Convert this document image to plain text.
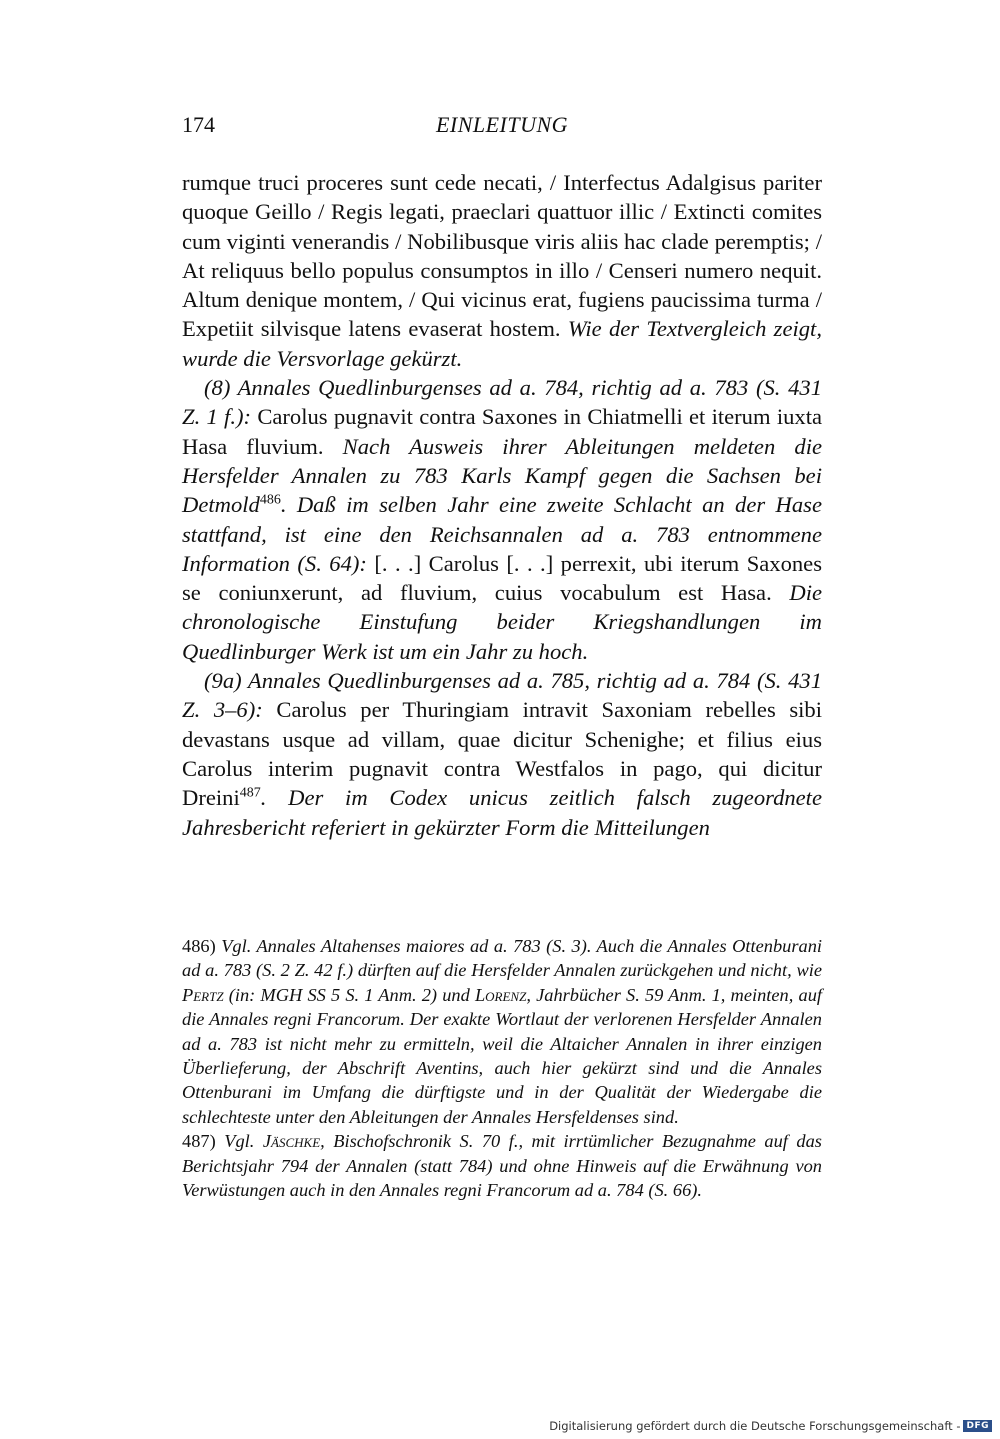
174	EINLEITUNG

rumque truci proceres sunt cede necati, / Interfectus Adalgisus pariter quoque Geillo / Regis legati, praeclari quattuor illic / Extincti comites cum viginti venerandis / Nobilibusque viris aliis hac clade peremptis; / At reliquus bello populus consumptos in illo / Censeri numero nequit. Altum denique montem, / Qui vicinus erat, fugiens paucissima turma / Expetiit silvisque latens evaserat hostem. Wie der Textvergleich zeigt, wurde die Versvorlage gekürzt.

(8) Annales Quedlinburgenses ad a. 784, richtig ad a. 783 (S. 431 Z. 1 f.): Carolus pugnavit contra Saxones in Chiatmelli et iterum iuxta Hasa fluvium. Nach Ausweis ihrer Ableitungen meldeten die Hersfelder Annalen zu 783 Karls Kampf gegen die Sachsen bei Detmold$^{486}$. Daß im selben Jahr eine zweite Schlacht an der Hase stattfand, ist eine den Reichsannalen ad a. 783 entnommene Information (S. 64): [. . .] Carolus [. . .] perrexit, ubi iterum Saxones se coniunxerunt, ad fluvium, cuius vocabulum est Hasa. Die chronologische Einstufung beider Kriegshandlungen im Quedlinburger Werk ist um ein Jahr zu hoch.

(9a) Annales Quedlinburgenses ad a. 785, richtig ad a. 784 (S. 431 Z. 3–6): Carolus per Thuringiam intravit Saxoniam rebelles sibi devastans usque ad villam, quae dicitur Schenighe; et filius eius Carolus interim pugnavit contra Westfalos in pago, qui dicitur Dreini$^{487}$. Der im Codex unicus zeitlich falsch zugeordnete Jahresbericht referiert in gekürzter Form die Mitteilungen

486) Vgl. Annales Altahenses maiores ad a. 783 (S. 3). Auch die Annales Ottenburani ad a. 783 (S. 2 Z. 42 f.) dürften auf die Hersfelder Annalen zurückgehen und nicht, wie Pertz (in: MGH SS 5 S. 1 Anm. 2) und Lorenz, Jahrbücher S. 59 Anm. 1, meinten, auf die Annales regni Francorum. Der exakte Wortlaut der verlorenen Hersfelder Annalen ad a. 783 ist nicht mehr zu ermitteln, weil die Altaicher Annalen in ihrer einzigen Überlieferung, der Abschrift Aventins, auch hier gekürzt sind und die Annales Ottenburani im Umfang die dürftigste und in der Qualität der Wiedergabe die schlechteste unter den Ableitungen der Annales Hersfeldenses sind.

487) Vgl. Jäschke, Bischofschronik S. 70 f., mit irrtümlicher Bezugnahme auf das Berichtsjahr 794 der Annalen (statt 784) und ohne Hinweis auf die Erwähnung von Verwüstungen auch in den Annales regni Francorum ad a. 784 (S. 66).

Digitalisierung gefördert durch die Deutsche Forschungsgemeinschaft - DFG
